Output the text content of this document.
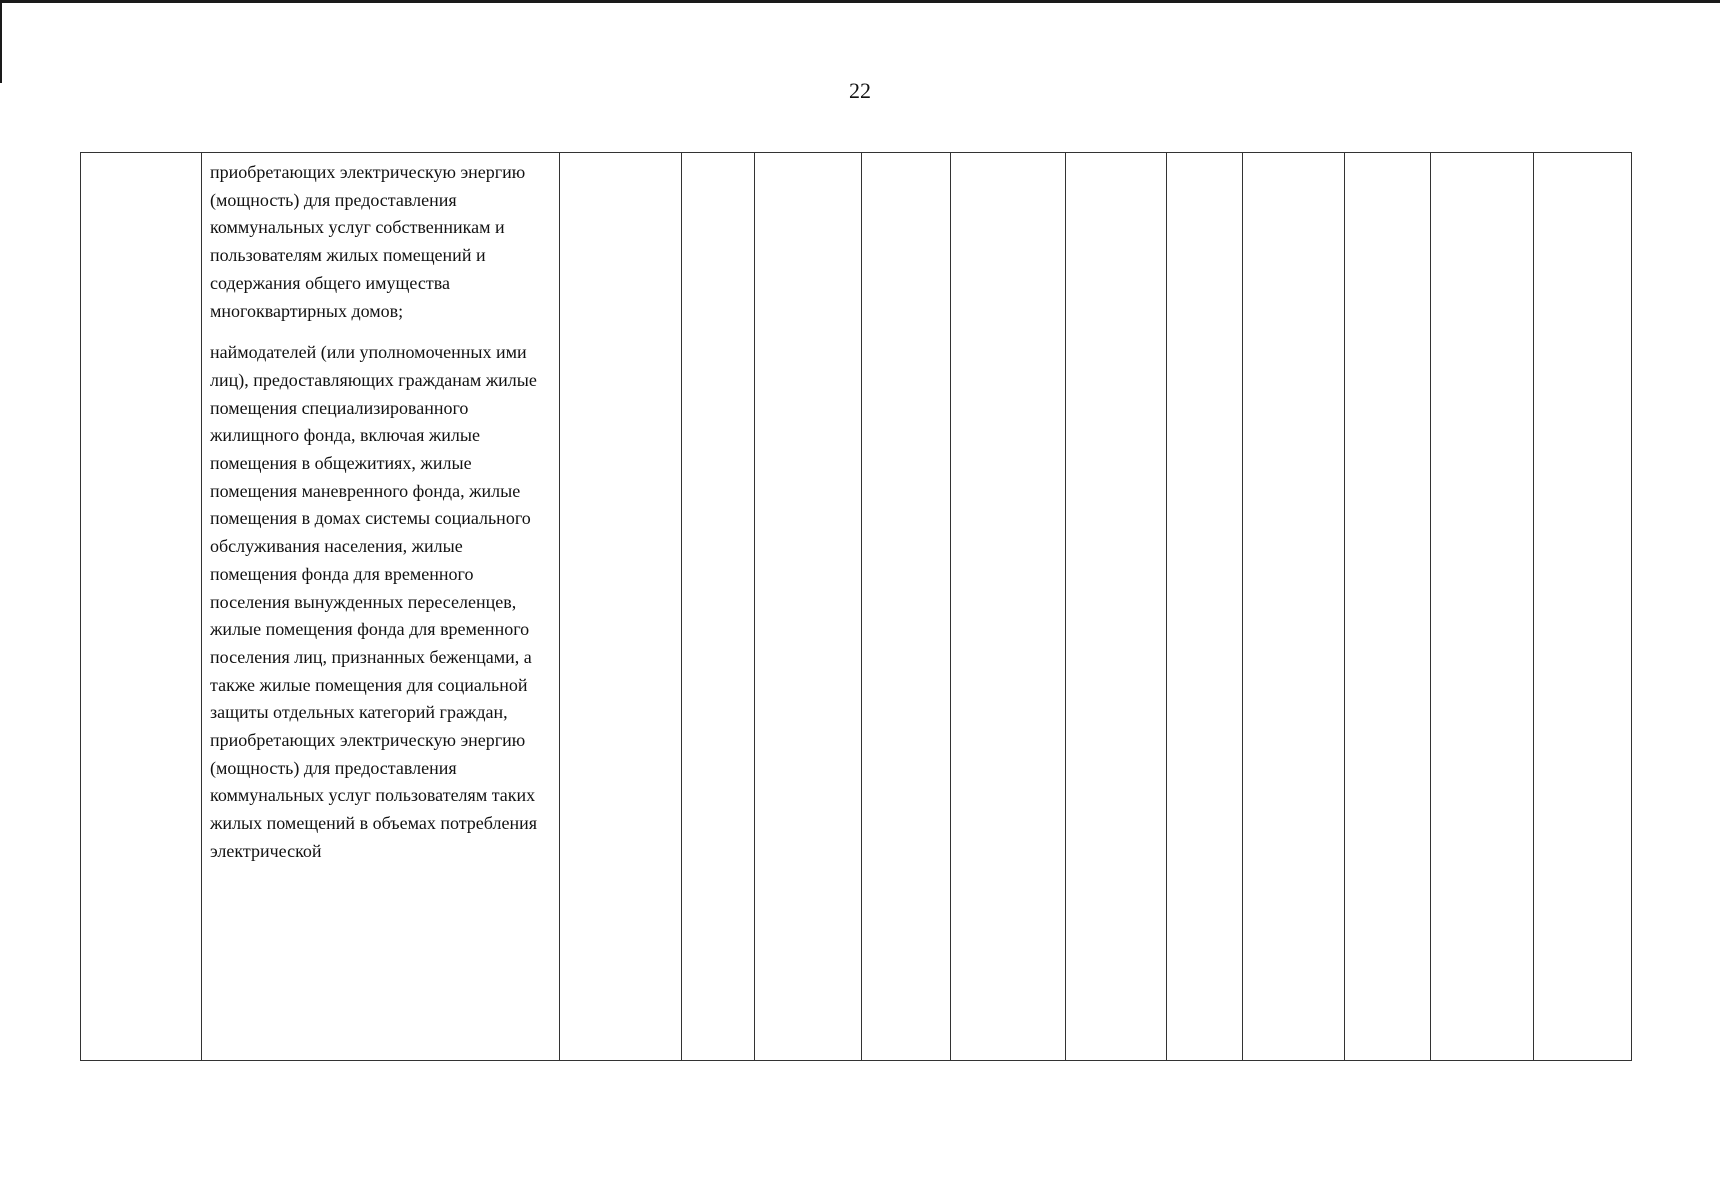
22

приобретающих электрическую энергию (мощность) для предоставления коммунальных услуг собственникам и пользователям жилых помещений и содержания общего имущества многоквартирных домов;

наймодателей (или уполномоченных ими лиц), предоставляющих гражданам жилые помещения специализированного жилищного фонда, включая жилые помещения в общежитиях, жилые помещения маневренного фонда, жилые помещения в домах системы социального обслуживания населения, жилые помещения фонда для временного поселения вынужденных переселенцев, жилые помещения фонда для временного поселения лиц, признанных беженцами, а также жилые помещения для социальной защиты отдельных категорий граждан, приобретающих электрическую энергию (мощность) для предоставления коммунальных услуг пользователям таких жилых помещений в объемах потребления электрической
